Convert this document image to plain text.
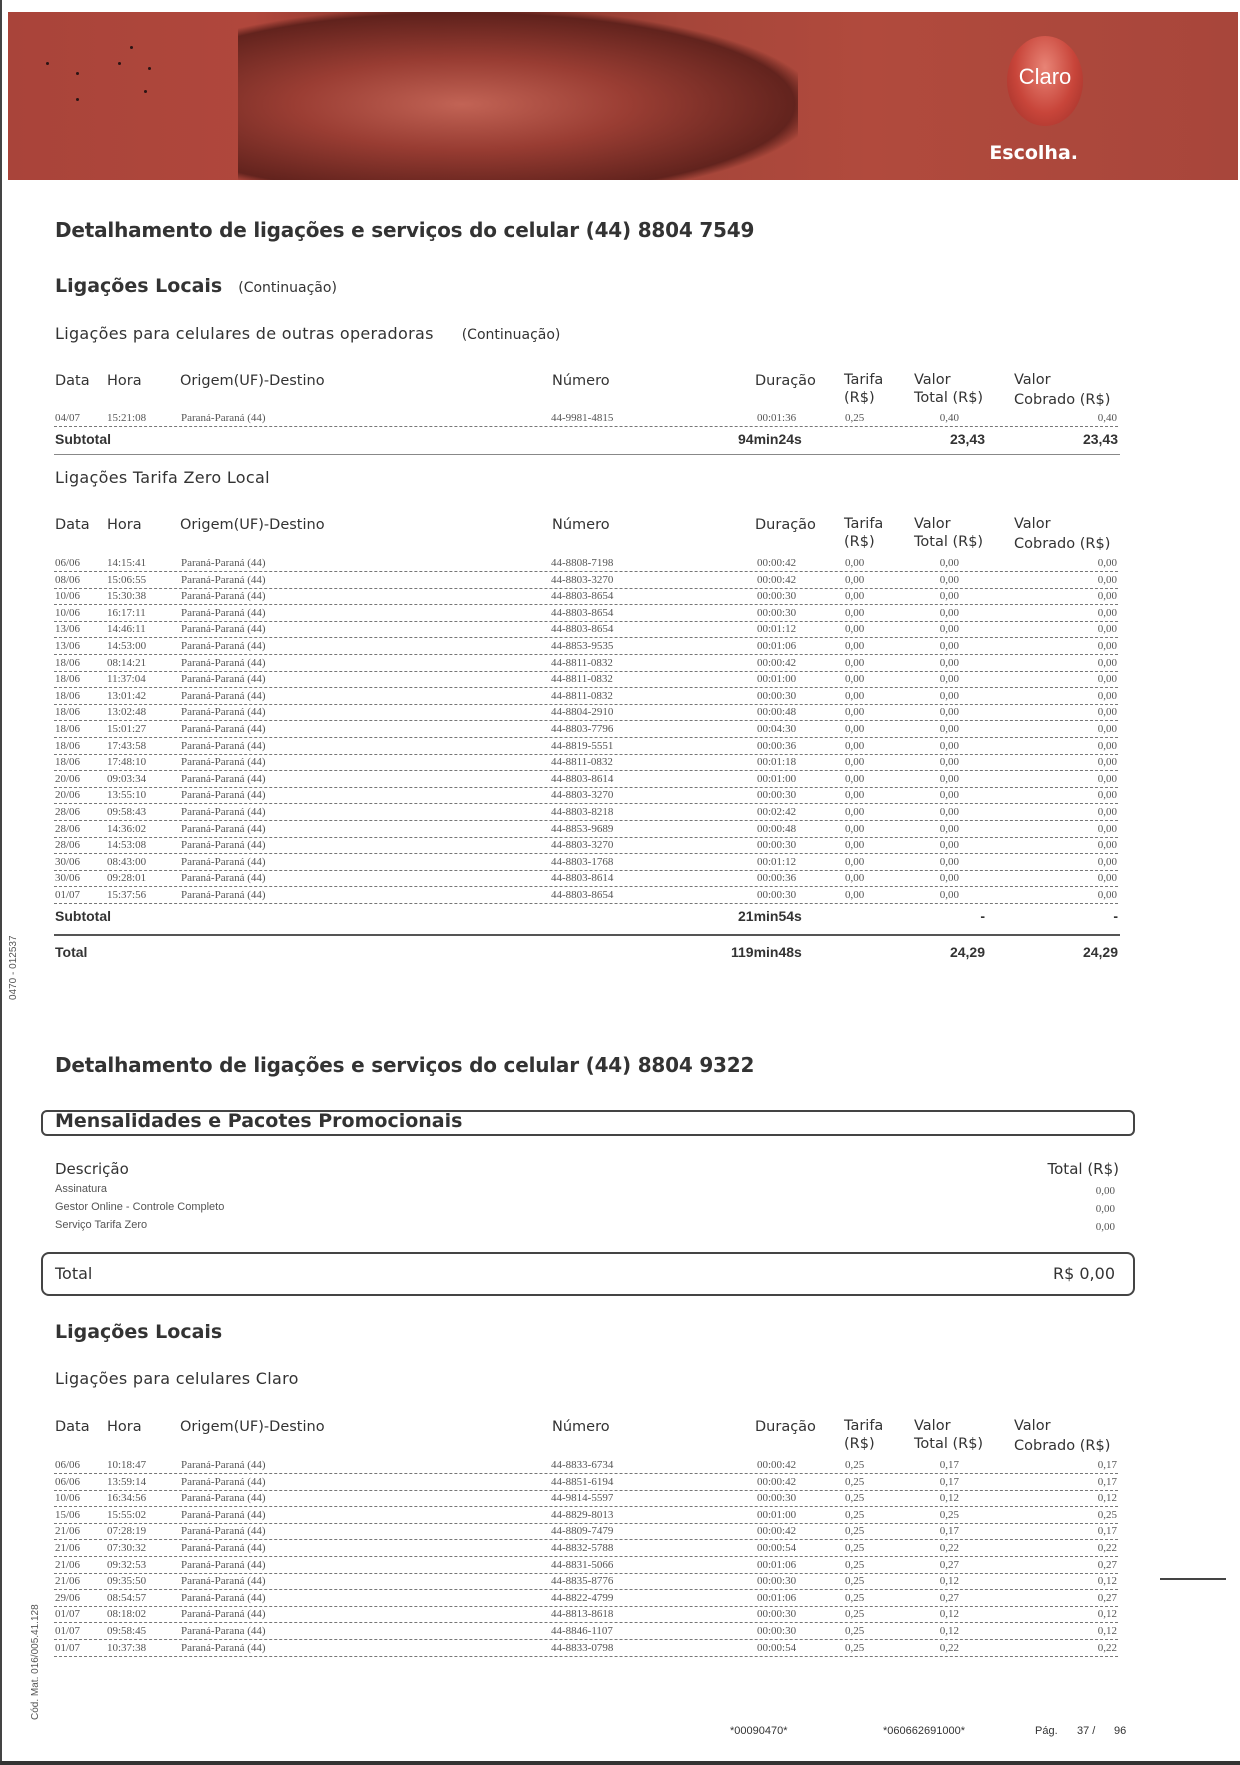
Claro
Escolha.
Detalhamento de ligações e serviços do celular (44) 8804 7549
Ligações Locais (Continuação)
Ligações para celulares de outras operadoras (Continuação)
Data Hora	Origem(UF)-Destino	Número	Duração Tarifa
(R$)
Valor
Total (R$)
Valor
Cobrado (R$)
04/07 15:21:08	Paraná-Paraná (44)	44-9981-4815	00:01:36	0,25	0,40	0,40
Subtotal	94min24s	23,43	23,43
Ligações Tarifa Zero Local
Data Hora	Origem(UF)-Destino	Número	Duração Tarifa
(R$)
Valor
Total (R$)
Valor
Cobrado (R$)
06/06 14:15:41	Paraná-Paraná (44)	44-8808-7198	00:00:42	0,00	0,00	0,00
08/06 15:06:55	Paraná-Paraná (44)	44-8803-3270	00:00:42	0,00	0,00	0,00
10/06 15:30:38	Paraná-Paraná (44)	44-8803-8654	00:00:30	0,00	0,00	0,00
10/06 16:17:11	Paraná-Paraná (44)	44-8803-8654	00:00:30	0,00	0,00	0,00
13/06 14:46:11	Paraná-Paraná (44)	44-8803-8654	00:01:12	0,00	0,00	0,00
13/06 14:53:00	Paraná-Paraná (44)	44-8853-9535	00:01:06	0,00	0,00	0,00
18/06 08:14:21	Paraná-Paraná (44)	44-8811-0832	00:00:42	0,00	0,00	0,00
18/06 11:37:04	Paraná-Paraná (44)	44-8811-0832	00:01:00	0,00	0,00	0,00
18/06 13:01:42	Paraná-Paraná (44)	44-8811-0832	00:00:30	0,00	0,00	0,00
18/06 13:02:48	Paraná-Paraná (44)	44-8804-2910	00:00:48	0,00	0,00	0,00
18/06 15:01:27	Paraná-Paraná (44)	44-8803-7796	00:04:30	0,00	0,00	0,00
18/06 17:43:58	Paraná-Paraná (44)	44-8819-5551	00:00:36	0,00	0,00	0,00
18/06 17:48:10	Paraná-Paraná (44)	44-8811-0832	00:01:18	0,00	0,00	0,00
20/06 09:03:34	Paraná-Paraná (44)	44-8803-8614	00:01:00	0,00	0,00	0,00
20/06 13:55:10	Paraná-Paraná (44)	44-8803-3270	00:00:30	0,00	0,00	0,00
28/06 09:58:43	Paraná-Paraná (44)	44-8803-8218	00:02:42	0,00	0,00	0,00
28/06 14:36:02	Paraná-Paraná (44)	44-8853-9689	00:00:48	0,00	0,00	0,00
28/06 14:53:08	Paraná-Paraná (44)	44-8803-3270	00:00:30	0,00	0,00	0,00
30/06 08:43:00	Paraná-Paraná (44)	44-8803-1768	00:01:12	0,00	0,00	0,00
30/06 09:28:01	Paraná-Paraná (44)	44-8803-8614	00:00:36	0,00	0,00	0,00
01/07 15:37:56	Paraná-Paraná (44)	44-8803-8654	00:00:30	0,00	0,00	0,00
Subtotal	21min54s	-	-
Total	119min48s	24,29	24,29
Detalhamento de ligações e serviços do celular (44) 8804 9322
Mensalidades e Pacotes Promocionais
Descrição	Total (R$)
Assinatura	0,00
Gestor Online - Controle Completo	0,00
Serviço Tarifa Zero	0,00
Total	R$ 0,00
Ligações Locais
Ligações para celulares Claro
Data Hora	Origem(UF)-Destino	Número	Duração Tarifa
(R$)
Valor
Total (R$)
Valor
Cobrado (R$)
06/06 10:18:47	Paraná-Paraná (44)	44-8833-6734	00:00:42	0,25	0,17	0,17
06/06 13:59:14	Paraná-Paraná (44)	44-8851-6194	00:00:42	0,25	0,17	0,17
10/06 16:34:56	Paraná-Parana (44)	44-9814-5597	00:00:30	0,25	0,12	0,12
15/06 15:55:02	Paraná-Paraná (44)	44-8829-8013	00:01:00	0,25	0,25	0,25
21/06 07:28:19	Paraná-Paraná (44)	44-8809-7479	00:00:42	0,25	0,17	0,17
21/06 07:30:32	Paraná-Paraná (44)	44-8832-5788	00:00:54	0,25	0,22	0,22
21/06 09:32:53	Paraná-Paraná (44)	44-8831-5066	00:01:06	0,25	0,27	0,27
21/06 09:35:50	Paraná-Paraná (44)	44-8835-8776	00:00:30	0,25	0,12	0,12
29/06 08:54:57	Paraná-Paraná (44)	44-8822-4799	00:01:06	0,25	0,27	0,27
01/07 08:18:02	Paraná-Paraná (44)	44-8813-8618	00:00:30	0,25	0,12	0,12
01/07 09:58:45	Paraná-Parana (44)	44-8846-1107	00:00:30	0,25	0,12	0,12
01/07 10:37:38	Paraná-Paraná (44)	44-8833-0798	00:00:54	0,25	0,22	0,22
0470 - 012537
Cód. Mat. 016/005.41.128
*00090470*	*060662691000*	Pág. 37 / 96
